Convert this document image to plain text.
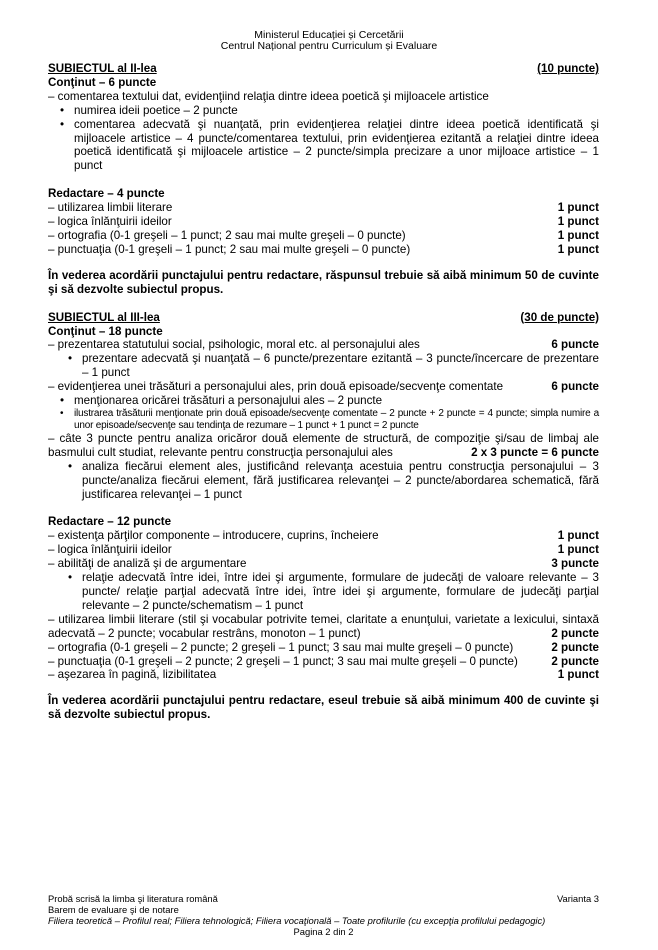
Ministerul Educației și Cercetării
Centrul Național pentru Curriculum și Evaluare
SUBIECTUL al II-lea	(10 puncte)
Conţinut – 6 puncte
– comentarea textului dat, evidenţiind relaţia dintre ideea poetică şi mijloacele artistice
• numirea ideii poetice – 2 puncte
• comentarea adecvată şi nuanţată, prin evidenţierea relaţiei dintre ideea poetică identificată şi mijloacele artistice – 4 puncte/comentarea textului, prin evidenţierea ezitantă a relaţiei dintre ideea poetică identificată şi mijloacele artistice – 2 puncte/simpla precizare a unor mijloace artistice – 1 punct
Redactare – 4 puncte
– utilizarea limbii literare	1 punct
– logica înlănţuirii ideilor	1 punct
– ortografia (0-1 greşeli – 1 punct; 2 sau mai multe greşeli – 0 puncte)	1 punct
– punctuaţia (0-1 greşeli – 1 punct; 2 sau mai multe greşeli – 0 puncte)	1 punct
În vederea acordării punctajului pentru redactare, răspunsul trebuie să aibă minimum 50 de cuvinte şi să dezvolte subiectul propus.
SUBIECTUL al III-lea	(30 de puncte)
Conţinut – 18 puncte
– prezentarea statutului social, psihologic, moral etc. al personajului ales	6 puncte
• prezentare adecvată şi nuanţată – 6 puncte/prezentare ezitantă – 3 puncte/încercare de prezentare – 1 punct
– evidenţierea unei trăsături a personajului ales, prin două episoade/secvenţe comentate	6 puncte
• menţionarea oricărei trăsături a personajului ales – 2 puncte
• ilustrarea trăsăturii menţionate prin două episoade/secvenţe comentate – 2 puncte + 2 puncte = 4 puncte; simpla numire a unor episoade/secvenţe sau tendinţa de rezumare – 1 punct + 1 punct = 2 puncte
– câte 3 puncte pentru analiza oricăror două elemente de structură, de compoziţie şi/sau de limbaj ale basmului cult studiat, relevante pentru construcţia personajului ales	2 x 3 puncte = 6 puncte
• analiza fiecărui element ales, justificând relevanţa acestuia pentru construcţia personajului – 3 puncte/analiza fiecărui element, fără justificarea relevanţei – 2 puncte/abordarea schematică, fără justificarea relevanţei – 1 punct
Redactare – 12 puncte
– existenţa părţilor componente – introducere, cuprins, încheiere	1 punct
– logica înlănţuirii ideilor	1 punct
– abilităţi de analiză şi de argumentare	3 puncte
• relaţie adecvată între idei, între idei şi argumente, formulare de judecăţi de valoare relevante – 3 puncte/ relaţie parţial adecvată între idei, între idei şi argumente, formulare de judecăţi parţial relevante – 2 puncte/schematism – 1 punct
– utilizarea limbii literare (stil şi vocabular potrivite temei, claritate a enunţului, varietate a lexicului, sintaxă adecvată – 2 puncte; vocabular restrâns, monoton – 1 punct)	2 puncte
– ortografia (0-1 greşeli – 2 puncte; 2 greşeli – 1 punct; 3 sau mai multe greşeli – 0 puncte)	2 puncte
– punctuaţia (0-1 greşeli – 2 puncte; 2 greşeli – 1 punct; 3 sau mai multe greşeli – 0 puncte)	2 puncte
– aşezarea în pagină, lizibilitatea	1 punct
În vederea acordării punctajului pentru redactare, eseul trebuie să aibă minimum 400 de cuvinte şi să dezvolte subiectul propus.
Probă scrisă la limba şi literatura română	Varianta 3
Barem de evaluare şi de notare
Filiera teoretică – Profilul real; Filiera tehnologică; Filiera vocaţională – Toate profilurile (cu excepţia profilului pedagogic)
Pagina 2 din 2
